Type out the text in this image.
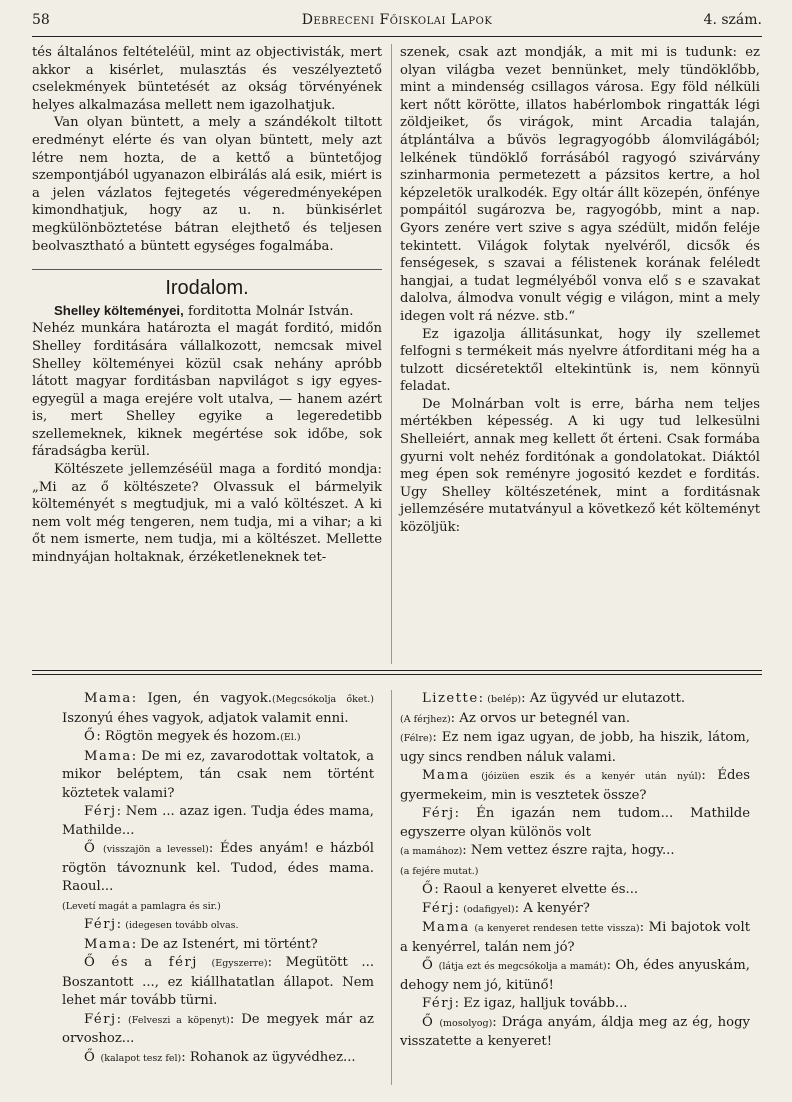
58	Debreceni Főiskolai Lapok	4. szám.

tés általános feltételéül, mint az objectivisták, mert akkor a kisérlet, mulasztás és veszélyeztető cselekmények büntetését az okság törvényének helyes alkalmazása mellett nem igazolhatjuk.

Van olyan büntett, a mely a szándékolt tiltott eredményt elérte és van olyan büntett, mely azt létre nem hozta, de a kettő a büntetőjog szempontjából ugyanazon elbirálás alá esik, miért is a jelen vázlatos fejtegetés végeredményeképen kimondhatjuk, hogy az u. n. bünkisérlet megkülönböztetése bátran elejthető és teljesen beolvasztható a büntett egységes fogalmába.

Irodalom.

Shelley költeményei, forditotta Molnár István.

Nehéz munkára határozta el magát forditó, midőn Shelley forditására vállalkozott, nemcsak mivel Shelley költeményei közül csak nehány apróbb látott magyar forditásban napvilágot s igy egyes-egyegül a maga erejére volt utalva, — hanem azért is, mert Shelley egyike a legeredetibb szellemeknek, kiknek megértése sok időbe, sok fáradságba kerül.

Költészete jellemzéséül maga a forditó mondja: „Mi az ő költészete? Olvassuk el bármelyik költeményét s megtudjuk, mi a való költészet. A ki nem volt még tengeren, nem tudja, mi a vihar; a ki őt nem ismerte, nem tudja, mi a költészet. Mellette mindnyájan holtaknak, érzéketleneknek tet-

szenek, csak azt mondják, a mit mi is tudunk: ez olyan világba vezet bennünket, mely tündöklőbb, mint a mindenség csillagos városa. Egy föld nélküli kert nőtt körötte, illatos habérlombok ringatták légi zöldjeiket, ős virágok, mint Arcadia talaján, átplántálva a bűvös legragyogóbb álomvilágából; lelkének tündöklő forrásából ragyogó szivárvány szinharmonia permetezett a pázsitos kertre, a hol képzeletök uralkodék. Egy oltár állt közepén, önfénye pompáitól sugározva be, ragyogóbb, mint a nap. Gyors zenére vert szive s agya szédült, midőn feléje tekintett. Világok folytak nyelvéről, dicsők és fenségesek, s szavai a félistenek korának feléledt hangjai, a tudat legmélyéből vonva elő s e szavakat dalolva, álmodva vonult végig e világon, mint a mely idegen volt rá nézve. stb.“

Ez igazolja állitásunkat, hogy ily szellemet felfogni s termékeit más nyelvre átforditani még ha a tulzott dicséretektől eltekintünk is, nem könnyü feladat.

De Molnárban volt is erre, bárha nem teljes mértékben képesség. A ki ugy tud lelkesülni Shelleiért, annak meg kellett őt érteni. Csak formába gyurni volt nehéz forditónak a gondolatokat. Diáktól meg épen sok reményre jogositó kezdet e forditás. Ugy Shelley költészetének, mint a forditásnak jellemzésére mutatványul a következő két költeményt közöljük:

Mama: Igen, én vagyok.(Megcsókolja őket.) Iszonyú éhes vagyok, adjatok valamit enni.

Ő: Rögtön megyek és hozom.(El.)

Mama: De mi ez, zavarodottak voltatok, a mikor beléptem, tán csak nem történt köztetek valami?

Férj: Nem ... azaz igen. Tudja édes mama, Mathilde...

Ő (visszajön a levessel): Édes anyám! e házból rögtön távoznunk kel. Tudod, édes mama. Raoul...

(Levetí magát a pamlagra és sir.)

Férj: (idegesen tovább olvas.

Mama: De az Istenért, mi történt?

Ő és a férj (Egyszerre): Megütött ... Boszantott ..., ez kiállhatatlan állapot. Nem lehet már tovább türni.

Férj: (Felveszi a köpenyt): De megyek már az orvoshoz...

Ő (kalapot tesz fel): Rohanok az ügyvédhez...

Lizette: (belép): Az ügyvéd ur elutazott.

(A férjhez): Az orvos ur betegnél van.

(Félre): Ez nem igaz ugyan, de jobb, ha hiszik, látom, ugy sincs rendben náluk valami.

Mama (jóizüen eszik és a kenyér után nyúl): Édes gyermekeim, min is vesztetek össze?

Férj: Én igazán nem tudom... Mathilde egyszerre olyan különös volt

(a mamához): Nem vettez észre rajta, hogy...

(a fejére mutat.)

Ő: Raoul a kenyeret elvette és...

Férj: (odafigyel): A kenyér?

Mama (a kenyeret rendesen tette vissza): Mi bajotok volt a kenyérrel, talán nem jó?

Ő (látja ezt és megcsókolja a mamát): Oh, édes anyuskám, dehogy nem jó, kitünő!

Férj: Ez igaz, halljuk tovább...

Ő (mosolyog): Drága anyám, áldja meg az ég, hogy visszatette a kenyeret!
